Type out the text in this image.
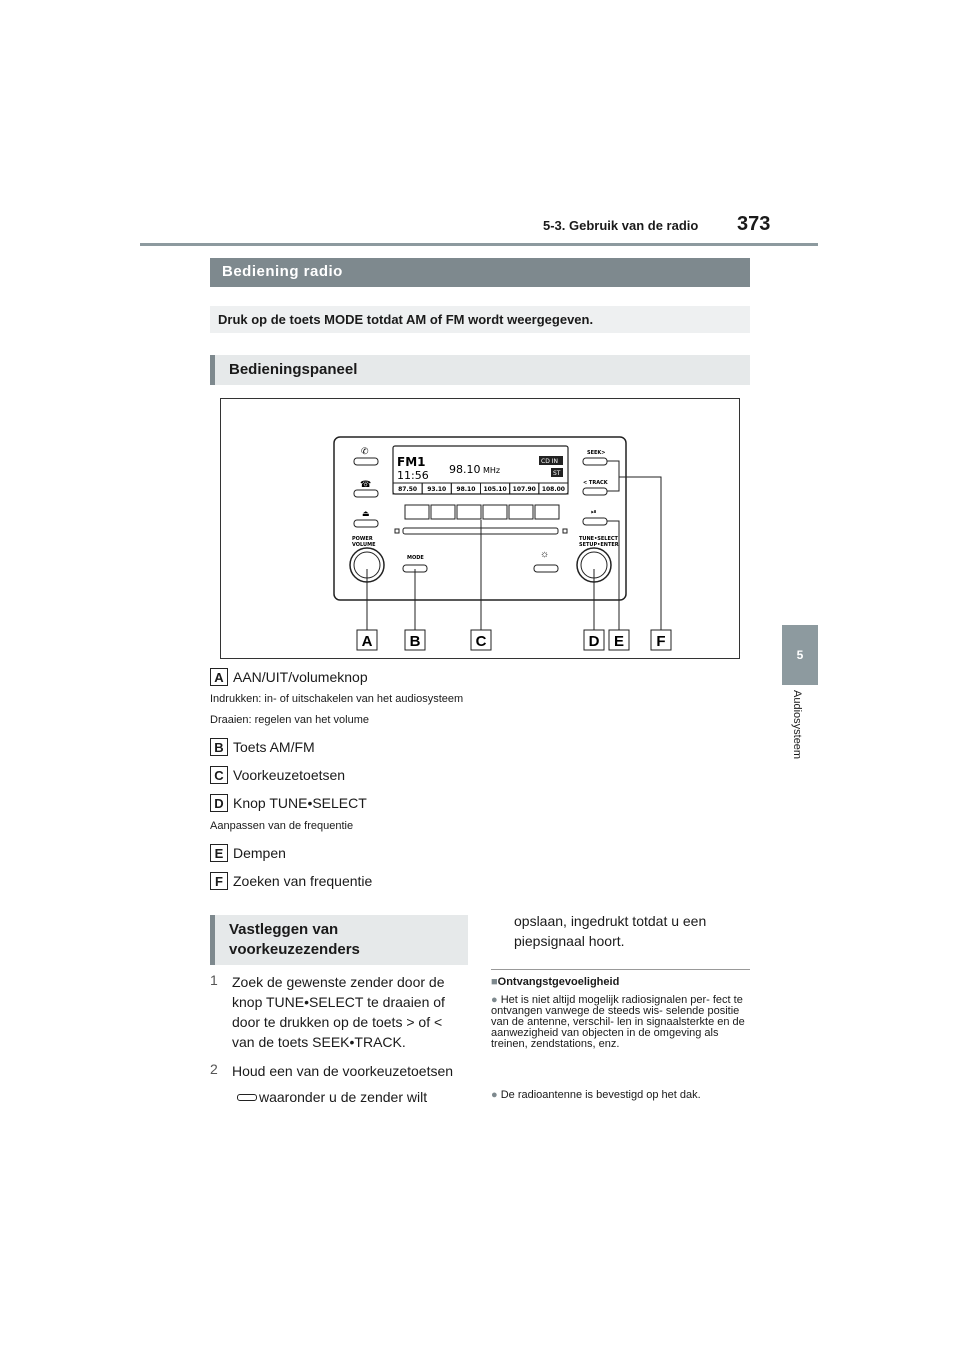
5-3. Gebruik van de radio 373
5
Audiosysteem
Bediening radio
Druk op de toets MODE totdat AM of FM wordt weergegeven.
Bedieningspaneel
FM1
11:56 98.10 MHz
CD IN
ST
87.50 93.10 98.10 105.10 107.90 108.00
✆
☎
⏏
POWER
VOLUME
MODE	☼
SEEK>
< TRACK
⏯
TUNE•SELECT
SETUP•ENTER
A B	C	D E F
A AAN/UIT/volumeknop
Indrukken: in- of uitschakelen van het audiosysteem
Draaien: regelen van het volume
B Toets AM/FM
C Voorkeuzetoetsen
D Knop TUNE•SELECT
Aanpassen van de frequentie
E Dempen
F Zoeken van frequentie
Vastleggen van voorkeuzezenders
1 Zoek de gewenste zender door de
knop TUNE•SELECT te draaien of
door te drukken op de toets > of <
van de toets SEEK•TRACK.
2 Houd een van de voorkeuzetoetsen
waaronder u de zender wilt
opslaan, ingedrukt totdat u een
piepsignaal hoort.
■Ontvangstgevoeligheid
● Het is niet altijd mogelijk radiosignalen per- fect te ontvangen vanwege de steeds wis- selende positie van de antenne, verschil- len in signaalsterkte en de aanwezigheid van objecten in de omgeving als treinen, zendstations, enz.
● De radioantenne is bevestigd op het dak.
